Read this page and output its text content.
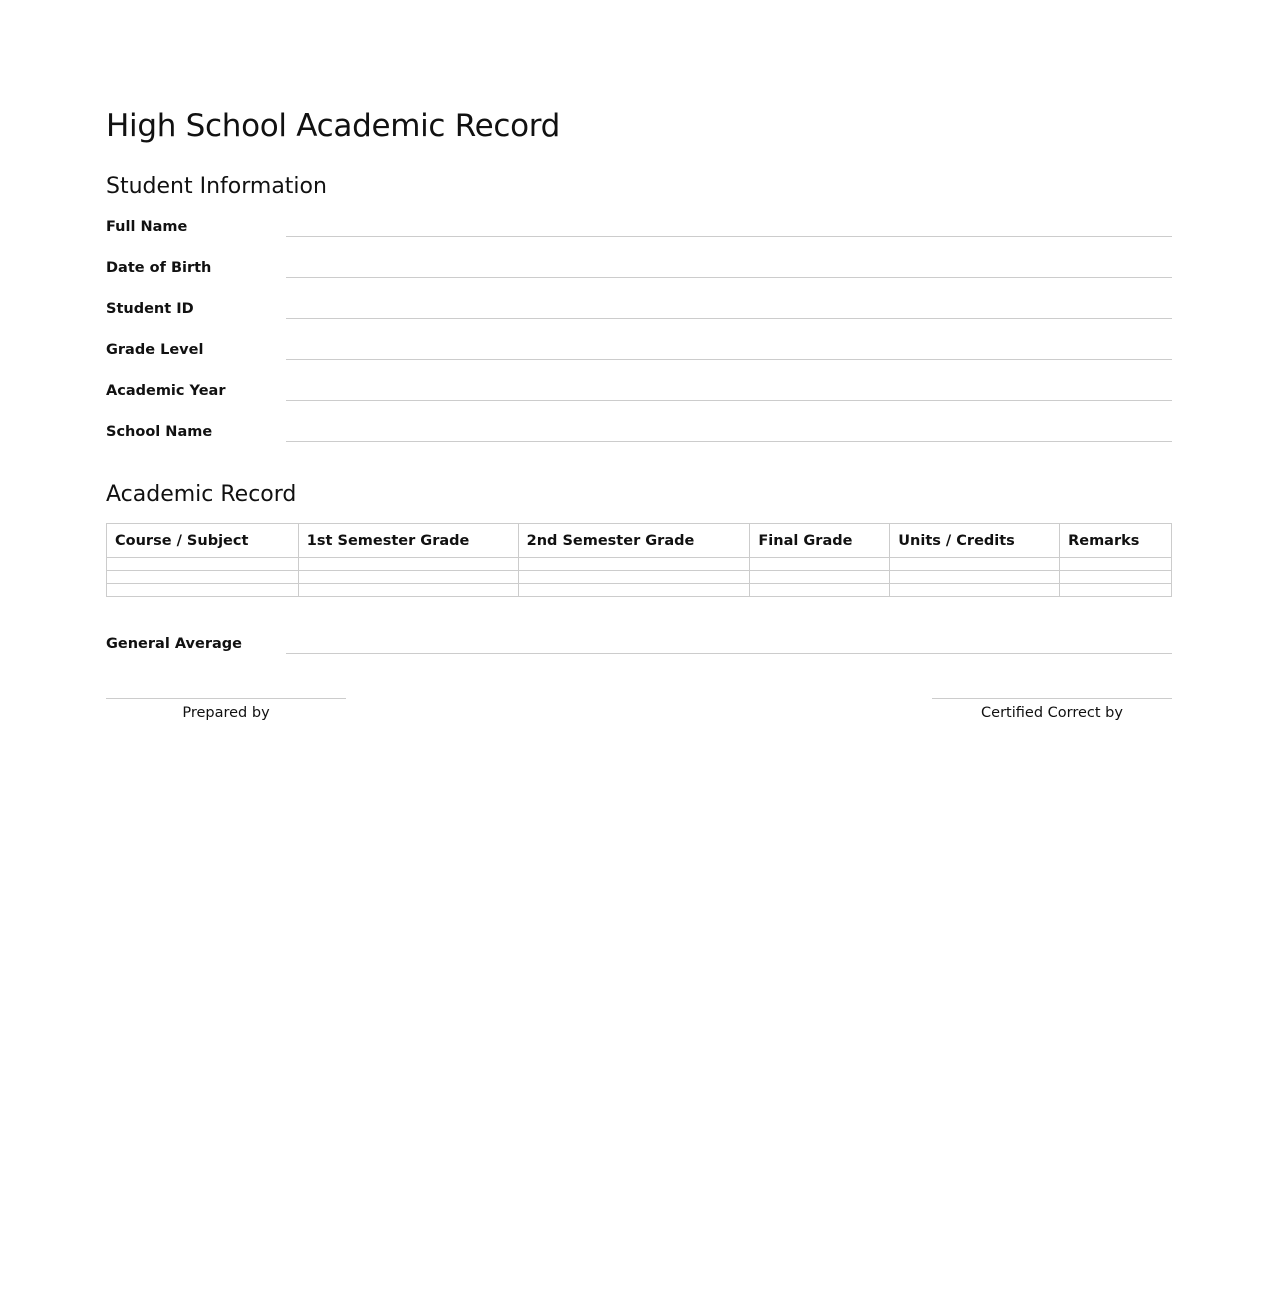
High School Academic Record
Student Information
Full Name
Date of Birth
Student ID
Grade Level
Academic Year
School Name
Academic Record
Course / Subject	1st Semester Grade	2nd Semester Grade	Final Grade	Units / Credits	Remarks

General Average
Prepared by	Certified Correct by
